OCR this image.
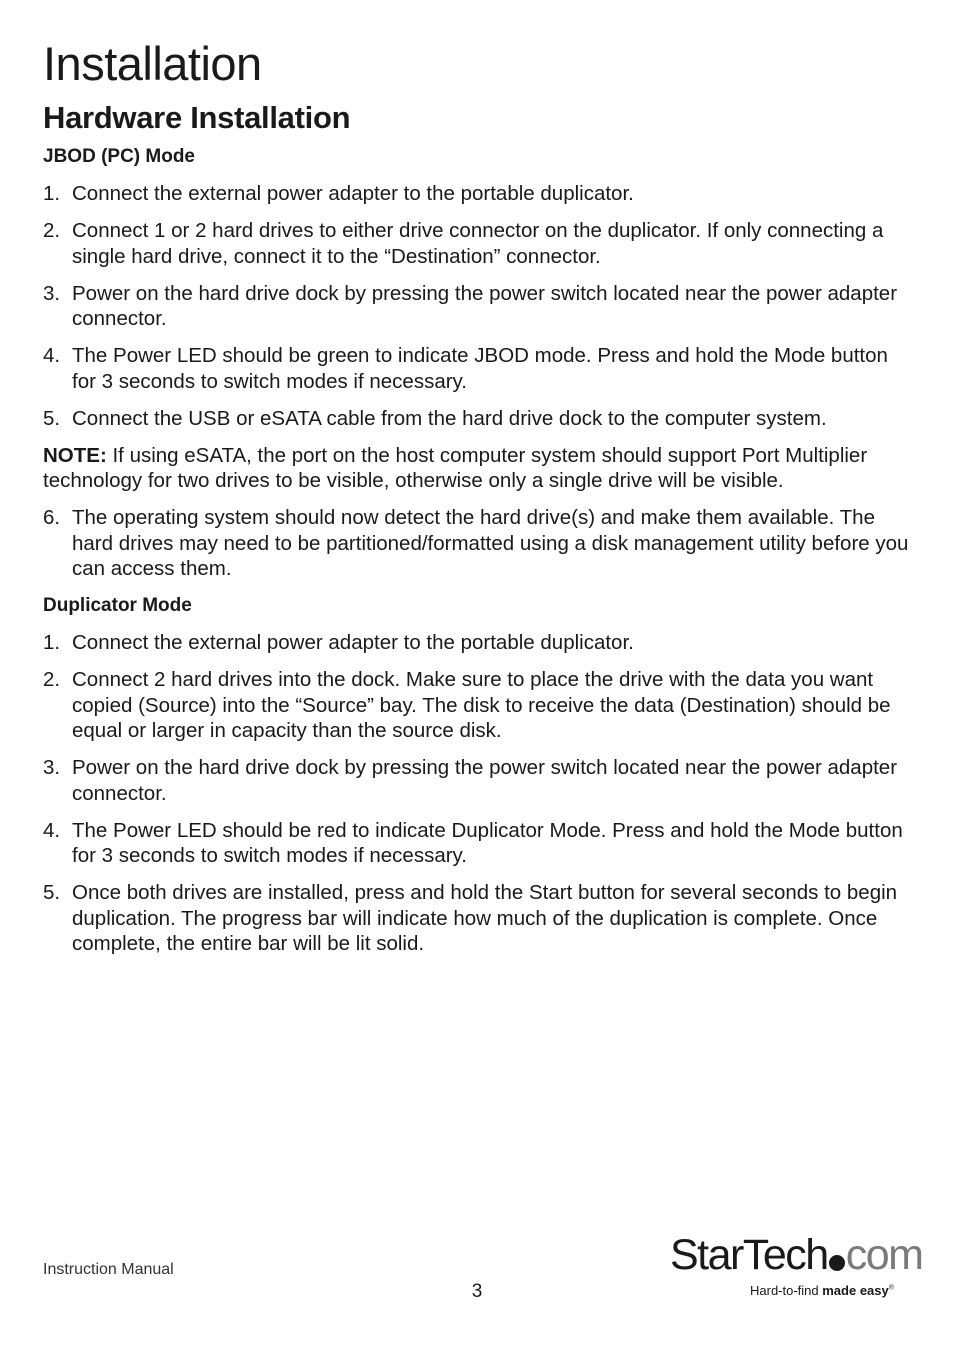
Installation
Hardware Installation
JBOD (PC) Mode
1. Connect the external power adapter to the portable duplicator.
2. Connect 1 or 2 hard drives to either drive connector on the duplicator. If only connecting a single hard drive, connect it to the “Destination” connector.
3. Power on the hard drive dock by pressing the power switch located near the power adapter connector.
4. The Power LED should be green to indicate JBOD mode. Press and hold the Mode button for 3 seconds to switch modes if necessary.
5. Connect the USB or eSATA cable from the hard drive dock to the computer system.
NOTE: If using eSATA, the port on the host computer system should support Port Multiplier technology for two drives to be visible, otherwise only a single drive will be visible.
6. The operating system should now detect the hard drive(s) and make them available. The hard drives may need to be partitioned/formatted using a disk management utility before you can access them.
Duplicator Mode
1. Connect the external power adapter to the portable duplicator.
2. Connect 2 hard drives into the dock. Make sure to place the drive with the data you want copied (Source) into the “Source” bay. The disk to receive the data (Destination) should be equal or larger in capacity than the source disk.
3. Power on the hard drive dock by pressing the power switch located near the power adapter connector.
4. The Power LED should be red to indicate Duplicator Mode. Press and hold the Mode button for 3 seconds to switch modes if necessary.
5. Once both drives are installed, press and hold the Start button for several seconds to begin duplication. The progress bar will indicate how much of the duplication is complete. Once complete, the entire bar will be lit solid.
Instruction Manual
3
StarTech com
Hard-to-find made easy®
